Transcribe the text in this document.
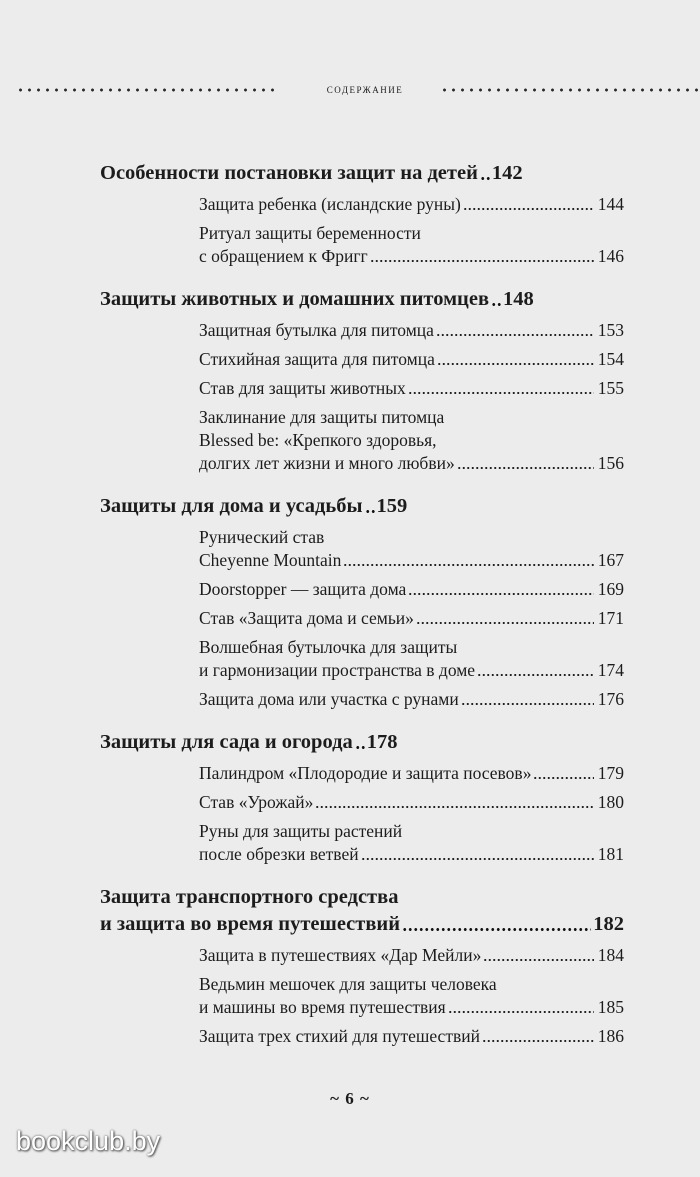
содержание
Особенности постановки защит на детей 142
Защита ребенка (исландские руны)	144
Ритуал защиты беременности
с обращением к Фригг	146
Защиты животных и домашних питомцев 148
Защитная бутылка для питомца	153
Стихийная защита для питомца	154
Став для защиты животных	155
Заклинание для защиты питомца
Blessed be: «Крепкого здоровья,
долгих лет жизни и много любви»	156
Защиты для дома и усадьбы 159
Рунический став
Cheyenne Mountain	167
Doorstopper — защита дома	169
Став «Защита дома и семьи»	171
Волшебная бутылочка для защиты
и гармонизации пространства в доме	174
Защита дома или участка с рунами	176
Защиты для сада и огорода 178
Палиндром «Плодородие и защита посевов»	179
Став «Урожай»	180
Руны для защиты растений
после обрезки ветвей	181
Защита транспортного средства
и защита во время путешествий	182
Защита в путешествиях «Дар Мейли»	184
Ведьмин мешочек для защиты человека
и машины во время путешествия	185
Защита трех стихий для путешествий	186
~ 6 ~
bookclub.by
